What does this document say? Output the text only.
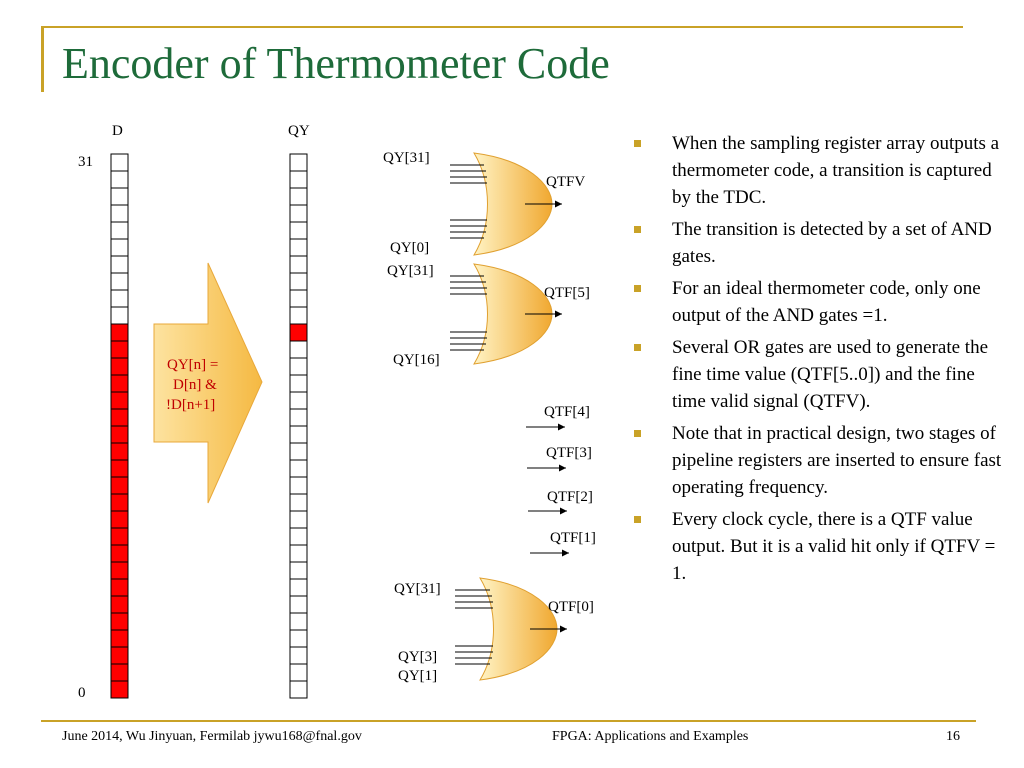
Encoder of Thermometer Code
D	QY
31
0
QY[n] =
D[n] &
!D[n+1]
QY[31]
QY[0]
QTFV
QY[31]
QY[16]
QTF[5]
QTF[4]
QTF[3]
QTF[2]
QTF[1]
QY[31]
QY[3]
QY[1]
QTF[0]
When the sampling register array outputs a thermometer code, a transition is captured by the TDC.
The transition is detected by a set of AND gates.
For an ideal thermometer code, only one output of the AND gates =1.
Several OR gates are used to generate the fine time value (QTF[5..0]) and the fine time valid signal (QTFV).
Note that in practical design, two stages of pipeline registers are inserted to ensure fast operating frequency.
Every clock cycle, there is a QTF value output. But it is a valid hit only if QTFV = 1.
June 2014, Wu Jinyuan, Fermilab jywu168@fnal.gov	FPGA: Applications and Examples	16
